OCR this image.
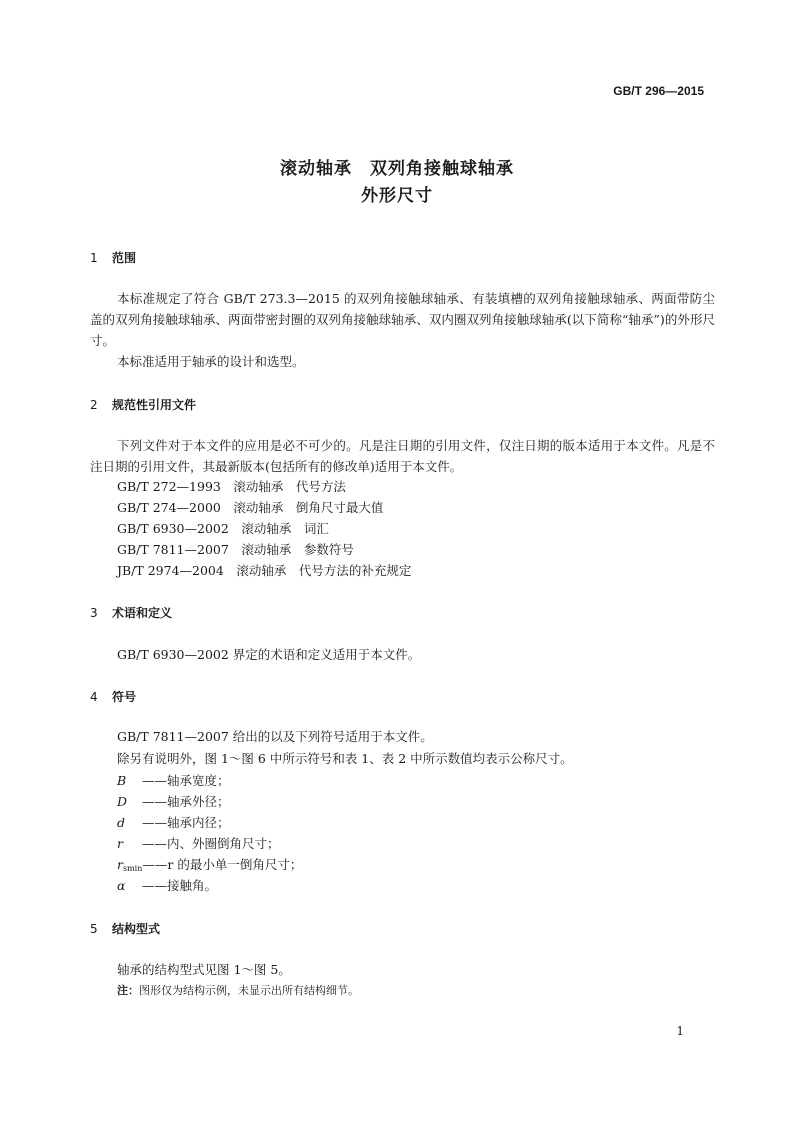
GB/T 296—2015
滚动轴承　双列角接触球轴承
外形尺寸
1 范围
本标准规定了符合 GB/T 273.3—2015 的双列角接触球轴承、有装填槽的双列角接触球轴承、两面带防尘盖的双列角接触球轴承、两面带密封圈的双列角接触球轴承、双内圈双列角接触球轴承(以下简称“轴承”)的外形尺寸。
本标准适用于轴承的设计和选型。
2 规范性引用文件
下列文件对于本文件的应用是必不可少的。凡是注日期的引用文件，仅注日期的版本适用于本文件。凡是不注日期的引用文件，其最新版本(包括所有的修改单)适用于本文件。
GB/T 272—1993　滚动轴承　代号方法
GB/T 274—2000　滚动轴承　倒角尺寸最大值
GB/T 6930—2002　滚动轴承　词汇
GB/T 7811—2007　滚动轴承　参数符号
JB/T 2974—2004　滚动轴承　代号方法的补充规定
3 术语和定义
GB/T 6930—2002 界定的术语和定义适用于本文件。
4 符号
GB/T 7811—2007 给出的以及下列符号适用于本文件。
除另有说明外，图 1～图 6 中所示符号和表 1、表 2 中所示数值均表示公称尺寸。
B ——轴承宽度；
D ——轴承外径；
d ——轴承内径；
r ——内、外圈倒角尺寸；
$r_{smin}——r$ 的最小单一倒角尺寸；
α ——接触角。
5 结构型式
轴承的结构型式见图 1～图 5。
注：图形仅为结构示例，未显示出所有结构细节。
1
